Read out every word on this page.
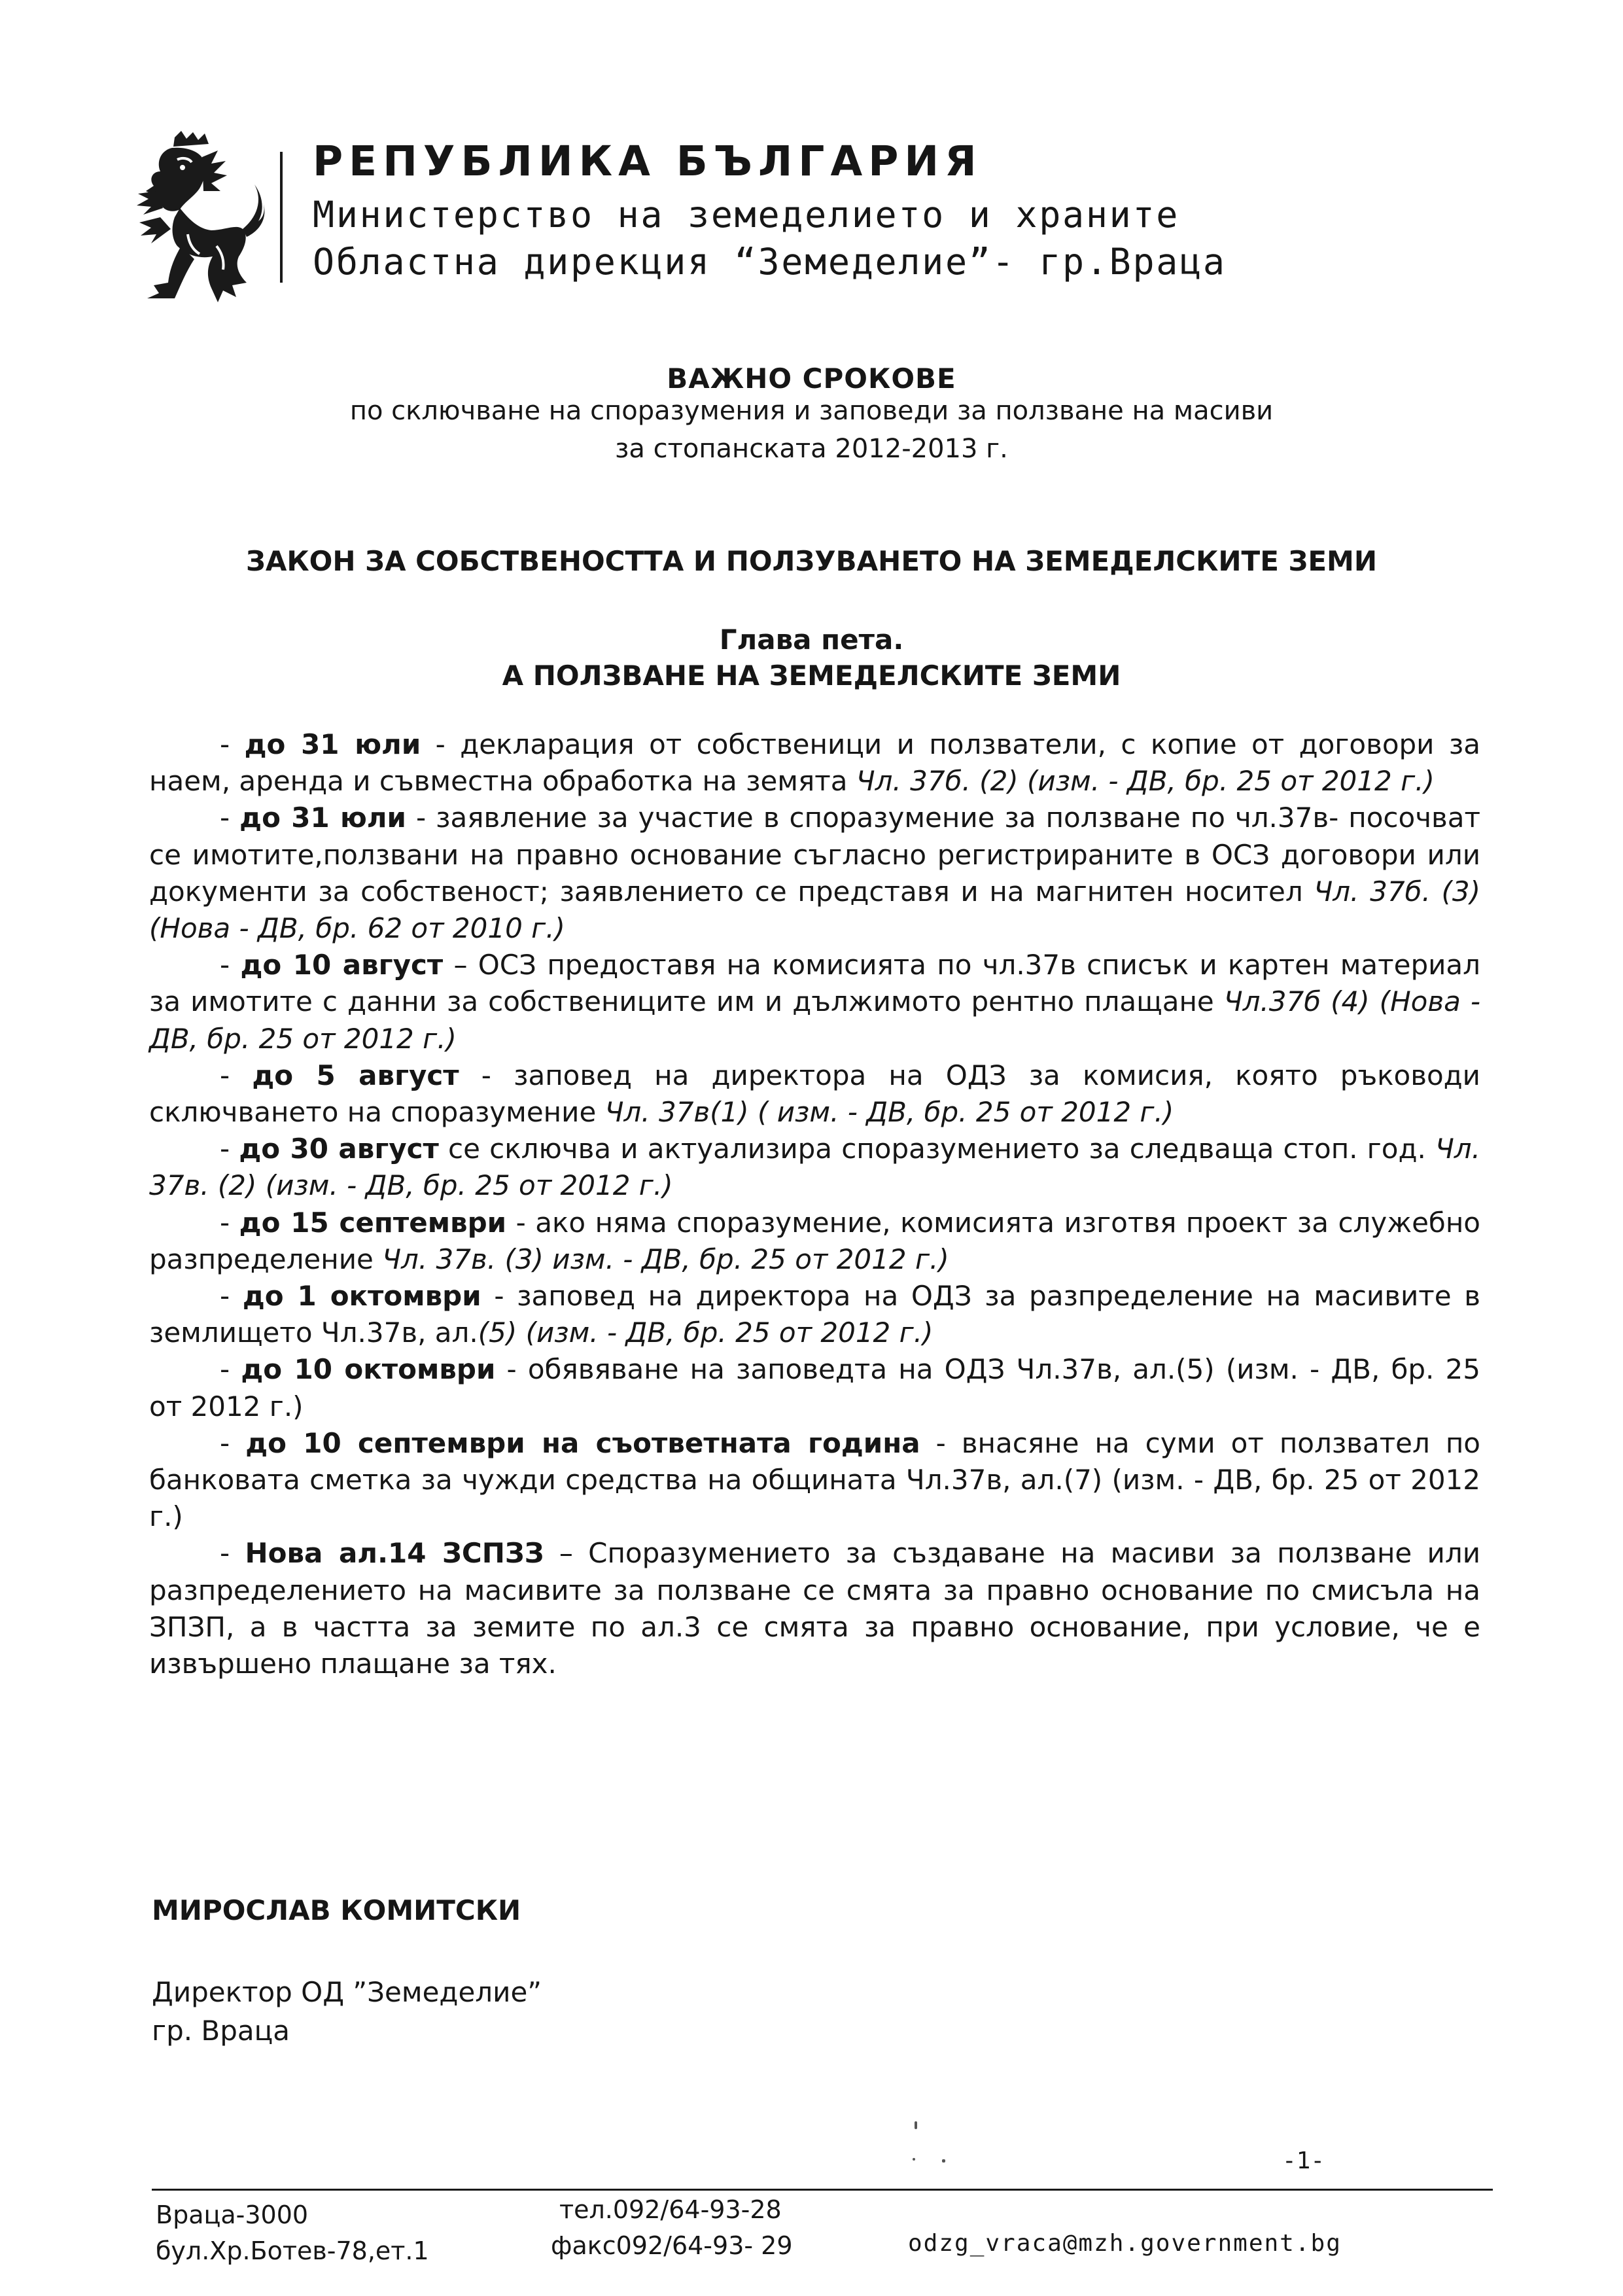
РЕПУБЛИКА БЪЛГАРИЯ
Министерство на земеделието и храните
Областна дирекция “Земеделие”- гр.Враца
ВАЖНО СРОКОВЕ
по сключване на споразумения и заповеди за ползване на масиви
за стопанската 2012-2013 г.
ЗАКОН ЗА СОБСТВЕНОСТТА И ПОЛЗУВАНЕТО НА ЗЕМЕДЕЛСКИТЕ ЗЕМИ
Глава пета.
А ПОЛЗВАНЕ НА ЗЕМЕДЕЛСКИТЕ ЗЕМИ

- до 31 юли - декларация от собственици и ползватели, с копие от договори за наем, аренда и съвместна обработка на земята Чл. 37б. (2) (изм. - ДВ, бр. 25 от 2012 г.)

- до 31 юли - заявление за участие в споразумение за ползване по чл.37в- посочват се имотите,ползвани на правно основание съгласно регистрираните в ОСЗ договори или документи за собственост; заявлението се представя и на магнитен носител Чл. 37б. (3) (Нова - ДВ, бр. 62 от 2010 г.)

- до 10 август – ОСЗ предоставя на комисията по чл.37в списък и картен материал за имотите с данни за собствениците им и дължимото рентно плащане Чл.37б (4) (Нова - ДВ, бр. 25 от 2012 г.)

- до 5 август - заповед на директора на ОДЗ за комисия, която ръководи сключването на споразумение Чл. 37в(1) ( изм. - ДВ, бр. 25 от 2012 г.)

- до 30 август се сключва и актуализира споразумението за следваща стоп. год. Чл. 37в. (2) (изм. - ДВ, бр. 25 от 2012 г.)

- до 15 септември - ако няма споразумение, комисията изготвя проект за служебно разпределение Чл. 37в. (3) изм. - ДВ, бр. 25 от 2012 г.)

- до 1 октомври - заповед на директора на ОДЗ за разпределение на масивите в землището Чл.37в, ал.(5) (изм. - ДВ, бр. 25 от 2012 г.)

- до 10 октомври - обявяване на заповедта на ОДЗ Чл.37в, ал.(5) (изм. - ДВ, бр. 25 от 2012 г.)

- до 10 септември на съответната година - внасяне на суми от ползвател по банковата сметка за чужди средства на общината Чл.37в, ал.(7) (изм. - ДВ, бр. 25 от 2012 г.)

- Нова ал.14 ЗСПЗЗ – Споразумението за създаване на масиви за ползване или разпределението на масивите за ползване се смята за правно основание по смисъла на ЗПЗП, а в частта за земите по ал.3 се смята за правно основание, при условие, че е извършено плащане за тях.

МИРОСЛАВ КОМИТСКИ
Директор ОД ”Земеделие”
гр. Враца
-1-
Враца-3000
бул.Хр.Ботев-78,ет.1
тел.092/64-93-28
факс092/64-93- 29	odzg_vraca@mzh.government.bg
